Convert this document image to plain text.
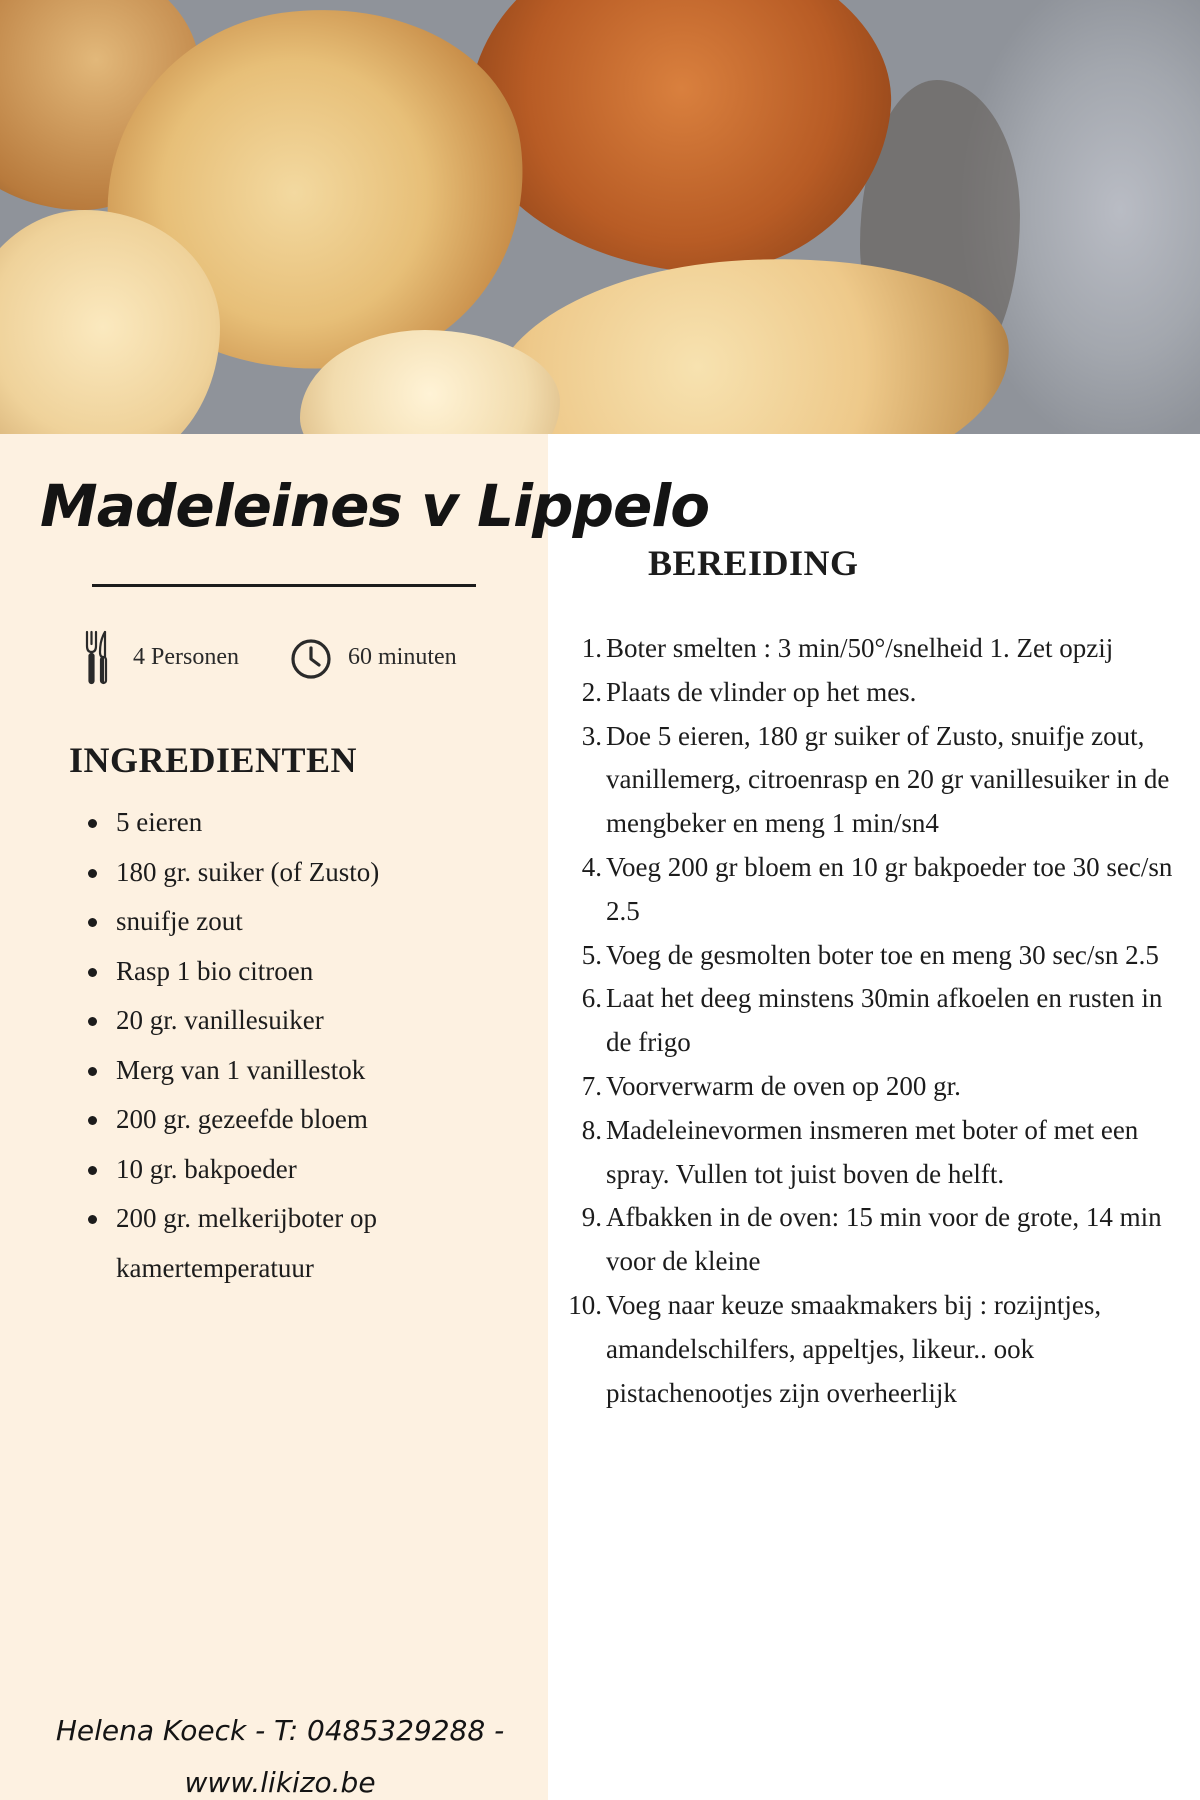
Madeleines v Lippelo
4 Personen	60 minuten
INGREDIENTEN
5 eieren
180 gr. suiker (of Zusto)
snuifje zout
Rasp 1 bio citroen
20 gr. vanillesuiker
Merg van 1 vanillestok
200 gr. gezeefde bloem
10 gr. bakpoeder
200 gr. melkerijboter op kamertemperatuur
BEREIDING
1. Boter smelten : 3 min/50°/snelheid 1. Zet opzij
2. Plaats de vlinder op het mes.
3. Doe 5 eieren, 180 gr suiker of Zusto, snuifje zout, vanillemerg, citroenrasp en 20 gr vanillesuiker in de mengbeker en meng 1 min/sn4
4. Voeg 200 gr bloem en 10 gr bakpoeder toe 30 sec/sn 2.5
5. Voeg de gesmolten boter toe en meng 30 sec/sn 2.5
6. Laat het deeg minstens 30min afkoelen en rusten in de frigo
7. Voorverwarm de oven op 200 gr.
8. Madeleinevormen insmeren met boter of met een spray. Vullen tot juist boven de helft.
9. Afbakken in de oven: 15 min voor de grote, 14 min voor de kleine
10. Voeg naar keuze smaakmakers bij : rozijntjes, amandelschilfers, appeltjes, likeur.. ook pistachenootjes zijn overheerlijk
Helena Koeck - T: 0485329288 -
www.likizo.be
